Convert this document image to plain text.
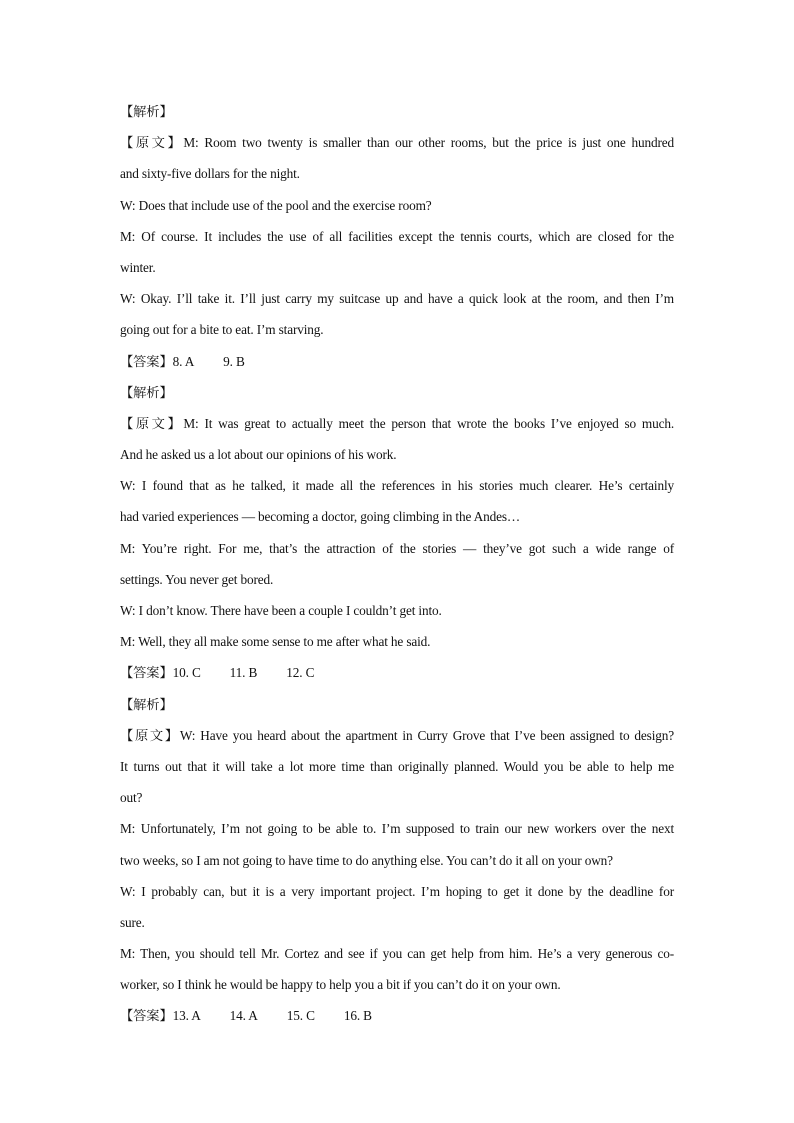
【解析】
【原文】M: Room two twenty is smaller than our other rooms, but the price is just one hundred
and sixty-five dollars for the night.
W: Does that include use of the pool and the exercise room?
M: Of course. It includes the use of all facilities except the tennis courts, which are closed for the
winter.
W: Okay. I’ll take it. I’ll just carry my suitcase up and have a quick look at the room, and then I’m
going out for a bite to eat. I’m starving.
【答案】8. A 9. B
【解析】
【原文】M: It was great to actually meet the person that wrote the books I’ve enjoyed so much.
And he asked us a lot about our opinions of his work.
W: I found that as he talked, it made all the references in his stories much clearer. He’s certainly
had varied experiences — becoming a doctor, going climbing in the Andes…
M: You’re right. For me, that’s the attraction of the stories — they’ve got such a wide range of
settings. You never get bored.
W: I don’t know. There have been a couple I couldn’t get into.
M: Well, they all make some sense to me after what he said.
【答案】10. C 11. B 12. C
【解析】
【原文】W: Have you heard about the apartment in Curry Grove that I’ve been assigned to design?
It turns out that it will take a lot more time than originally planned. Would you be able to help me
out?
M: Unfortunately, I’m not going to be able to. I’m supposed to train our new workers over the next
two weeks, so I am not going to have time to do anything else. You can’t do it all on your own?
W: I probably can, but it is a very important project. I’m hoping to get it done by the deadline for
sure.
M: Then, you should tell Mr. Cortez and see if you can get help from him. He’s a very generous co-
worker, so I think he would be happy to help you a bit if you can’t do it on your own.
【答案】13. A 14. A 15. C 16. B
